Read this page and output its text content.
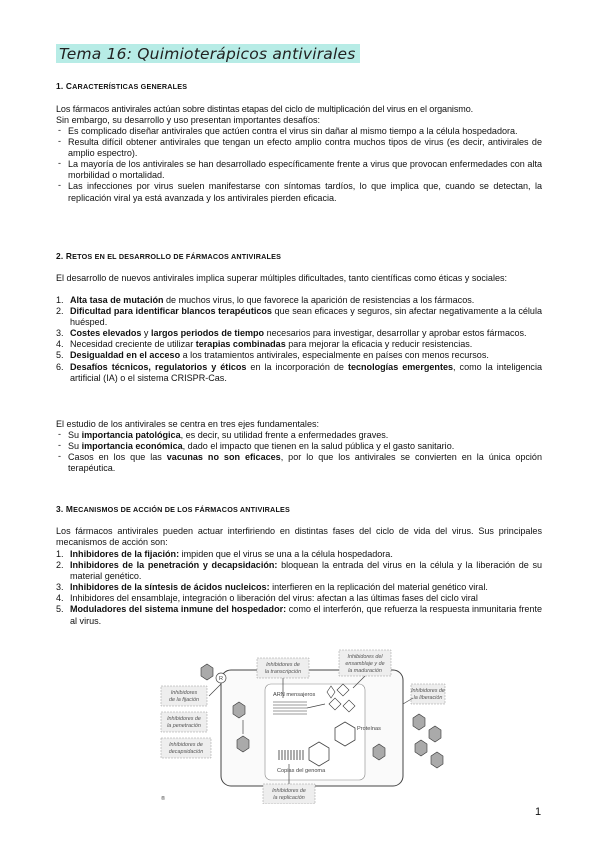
Tema 16: Quimioterápicos antivirales
1. CARACTERÍSTICAS GENERALES
Los fármacos antivirales actúan sobre distintas etapas del ciclo de multiplicación del virus en el organismo.
Sin embargo, su desarrollo y uso presentan importantes desafíos:
- Es complicado diseñar antivirales que actúen contra el virus sin dañar al mismo tiempo a la célula hospedadora.
- Resulta difícil obtener antivirales que tengan un efecto amplio contra muchos tipos de virus (es decir, antivirales de amplio espectro).
- La mayoría de los antivirales se han desarrollado específicamente frente a virus que provocan enfermedades con alta morbilidad o mortalidad.
- Las infecciones por virus suelen manifestarse con síntomas tardíos, lo que implica que, cuando se detectan, la replicación viral ya está avanzada y los antivirales pierden eficacia.
2. RETOS EN EL DESARROLLO DE FÁRMACOS ANTIVIRALES
El desarrollo de nuevos antivirales implica superar múltiples dificultades, tanto científicas como éticas y sociales:
1. Alta tasa de mutación de muchos virus, lo que favorece la aparición de resistencias a los fármacos.
2. Dificultad para identificar blancos terapéuticos que sean eficaces y seguros, sin afectar negativamente a la célula huésped.
3. Costes elevados y largos periodos de tiempo necesarios para investigar, desarrollar y aprobar estos fármacos.
4. Necesidad creciente de utilizar terapias combinadas para mejorar la eficacia y reducir resistencias.
5. Desigualdad en el acceso a los tratamientos antivirales, especialmente en países con menos recursos.
6. Desafíos técnicos, regulatorios y éticos en la incorporación de tecnologías emergentes, como la inteligencia artificial (IA) o el sistema CRISPR-Cas.
El estudio de los antivirales se centra en tres ejes fundamentales:
- Su importancia patológica, es decir, su utilidad frente a enfermedades graves.
- Su importancia económica, dado el impacto que tienen en la salud pública y el gasto sanitario.
- Casos en los que las vacunas no son eficaces, por lo que los antivirales se convierten en la única opción terapéutica.
3. MECANISMOS DE ACCIÓN DE LOS FÁRMACOS ANTIVIRALES
Los fármacos antivirales pueden actuar interfiriendo en distintas fases del ciclo de vida del virus. Sus principales mecanismos de acción son:
1. Inhibidores de la fijación: impiden que el virus se una a la célula hospedadora.
2. Inhibidores de la penetración y decapsidación: bloquean la entrada del virus en la célula y la liberación de su material genético.
3. Inhibidores de la síntesis de ácidos nucleicos: interfieren en la replicación del material genético viral.
4. Inhibidores del ensamblaje, integración o liberación del virus: afectan a las últimas fases del ciclo viral
5. Moduladores del sistema inmune del hospedador: como el interferón, que refuerza la respuesta inmunitaria frente al virus.
Inhibidores de
la transcripción
Inhibidores del
ensamblaje y de
la maduración
Inhibidores
de la fijación
Inhibidores de
la penetración
Inhibidores de
decapsidación
Inhibidores de
la liberación
Inhibidores de
la replicación
R
ARN mensajeros
Proteínas
Copias del genoma
®
1
